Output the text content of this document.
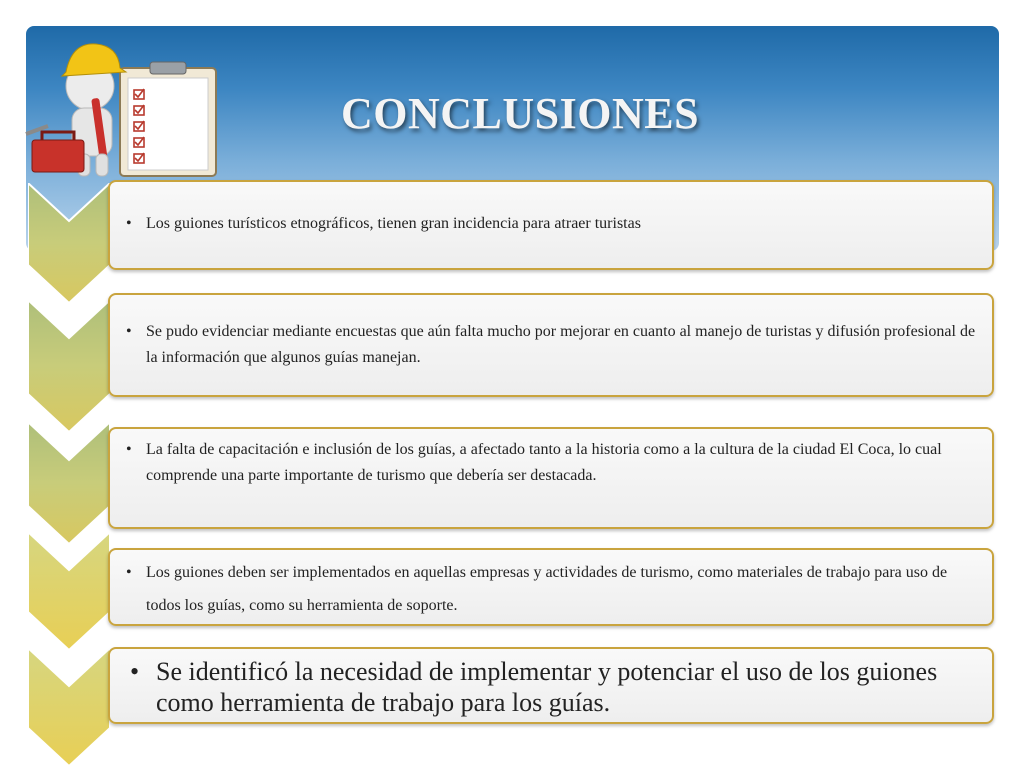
CONCLUSIONES
• Los guiones turísticos etnográficos, tienen gran incidencia para atraer turistas
• Se pudo evidenciar mediante encuestas que aún falta mucho por mejorar en cuanto al manejo de turistas y difusión profesional de la información que algunos guías manejan.
• La falta de capacitación e inclusión de los guías, a afectado tanto a la historia como a la cultura de la ciudad El Coca, lo cual comprende una parte importante de turismo que debería ser destacada.
• Los guiones deben ser implementados en aquellas empresas y actividades de turismo, como materiales de trabajo para uso de todos los guías, como su herramienta de soporte.
• Se identificó la necesidad de implementar y potenciar el uso de los guiones como herramienta de trabajo para los guías.
